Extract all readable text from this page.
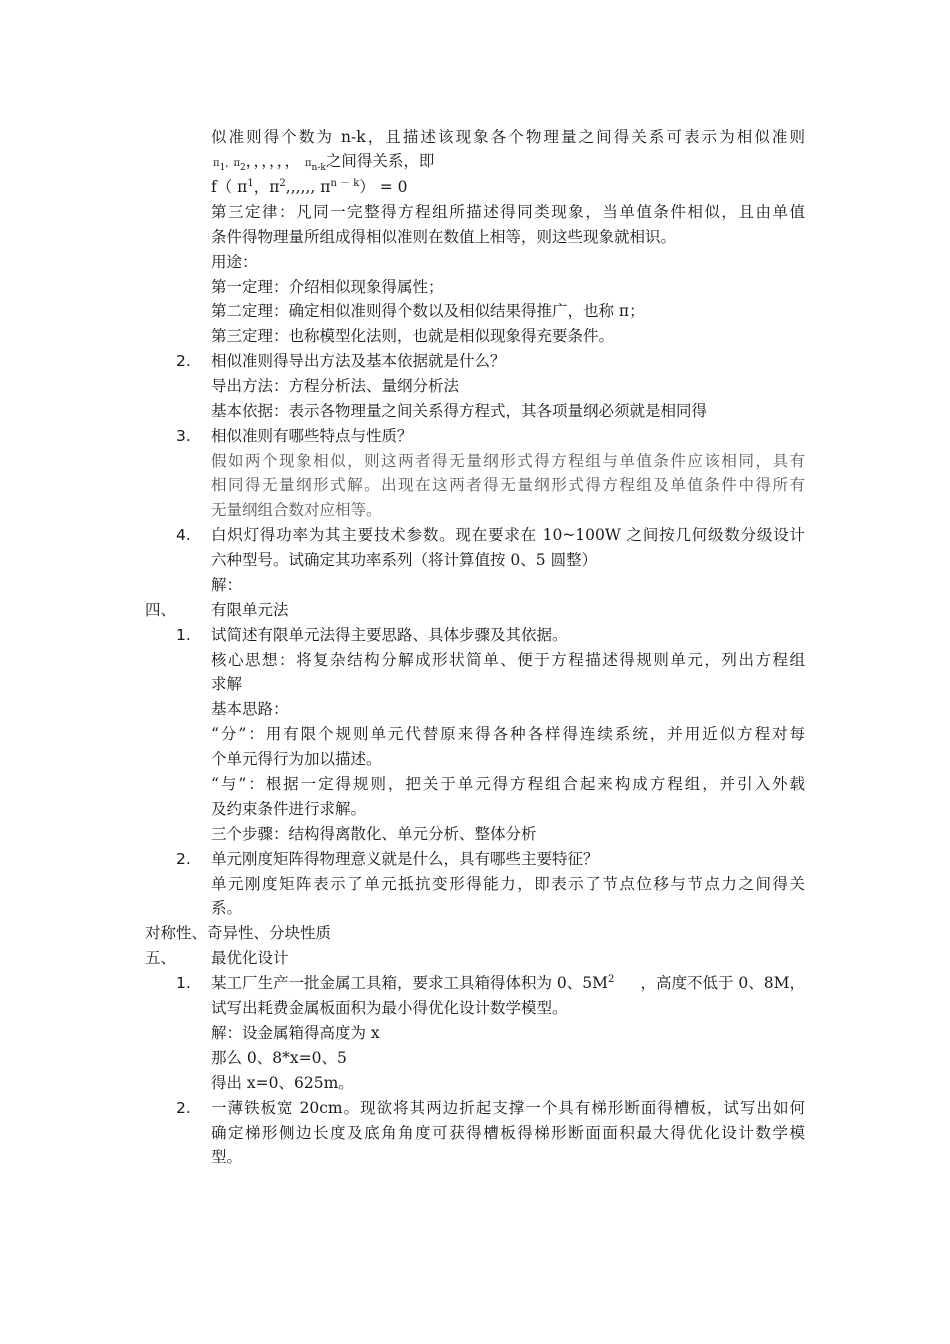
似准则得个数为 n-k，且描述该现象各个物理量之间得关系可表示为相似准则
$\pi_1$, $\pi_2$，，，，，， $\pi_{n-k}$之间得关系，即
f（ $\pi^1$，$\pi^2$,,,,,, $\pi^{n - k}) = 0$
第三定律：凡同一完整得方程组所描述得同类现象，当单值条件相似，且由单值
条件得物理量所组成得相似准则在数值上相等，则这些现象就相识。
用途：
第一定理：介绍相似现象得属性；
第二定理：确定相似准则得个数以及相似结果得推广，也称 π；
第三定理：也称模型化法则，也就是相似现象得充要条件。
2. 相似准则得导出方法及基本依据就是什么？
导出方法：方程分析法、量纲分析法
基本依据：表示各物理量之间关系得方程式，其各项量纲必须就是相同得
3. 相似准则有哪些特点与性质？
假如两个现象相似，则这两者得无量纲形式得方程组与单值条件应该相同，具有
相同得无量纲形式解。出现在这两者得无量纲形式得方程组及单值条件中得所有
无量纲组合数对应相等。
4. 白炽灯得功率为其主要技术参数。现在要求在 10~100W 之间按几何级数分级设计
六种型号。试确定其功率系列（将计算值按 0、5 圆整）
解：
四、 有限单元法
1. 试简述有限单元法得主要思路、具体步骤及其依据。
核心思想：将复杂结构分解成形状简单、便于方程描述得规则单元，列出方程组
求解
基本思路：
“分”：用有限个规则单元代替原来得各种各样得连续系统，并用近似方程对每
个单元得行为加以描述。
“与”：根据一定得规则，把关于单元得方程组合起来构成方程组，并引入外载
及约束条件进行求解。
三个步骤：结构得离散化、单元分析、整体分析
2. 单元刚度矩阵得物理意义就是什么，具有哪些主要特征？
单元刚度矩阵表示了单元抵抗变形得能力，即表示了节点位移与节点力之间得关
系。
对称性、奇异性、分块性质
五、 最优化设计
1. 某工厂生产一批金属工具箱，要求工具箱得体积为 0、$5M^2$ ，高度不低于 0、8M，
试写出耗费金属板面积为最小得优化设计数学模型。
解：设金属箱得高度为 x
那么 0、8*x=0、5
得出 x=0、625m。
2. 一薄铁板宽 20cm。现欲将其两边折起支撑一个具有梯形断面得槽板，试写出如何
确定梯形侧边长度及底角角度可获得槽板得梯形断面面积最大得优化设计数学模
型。
